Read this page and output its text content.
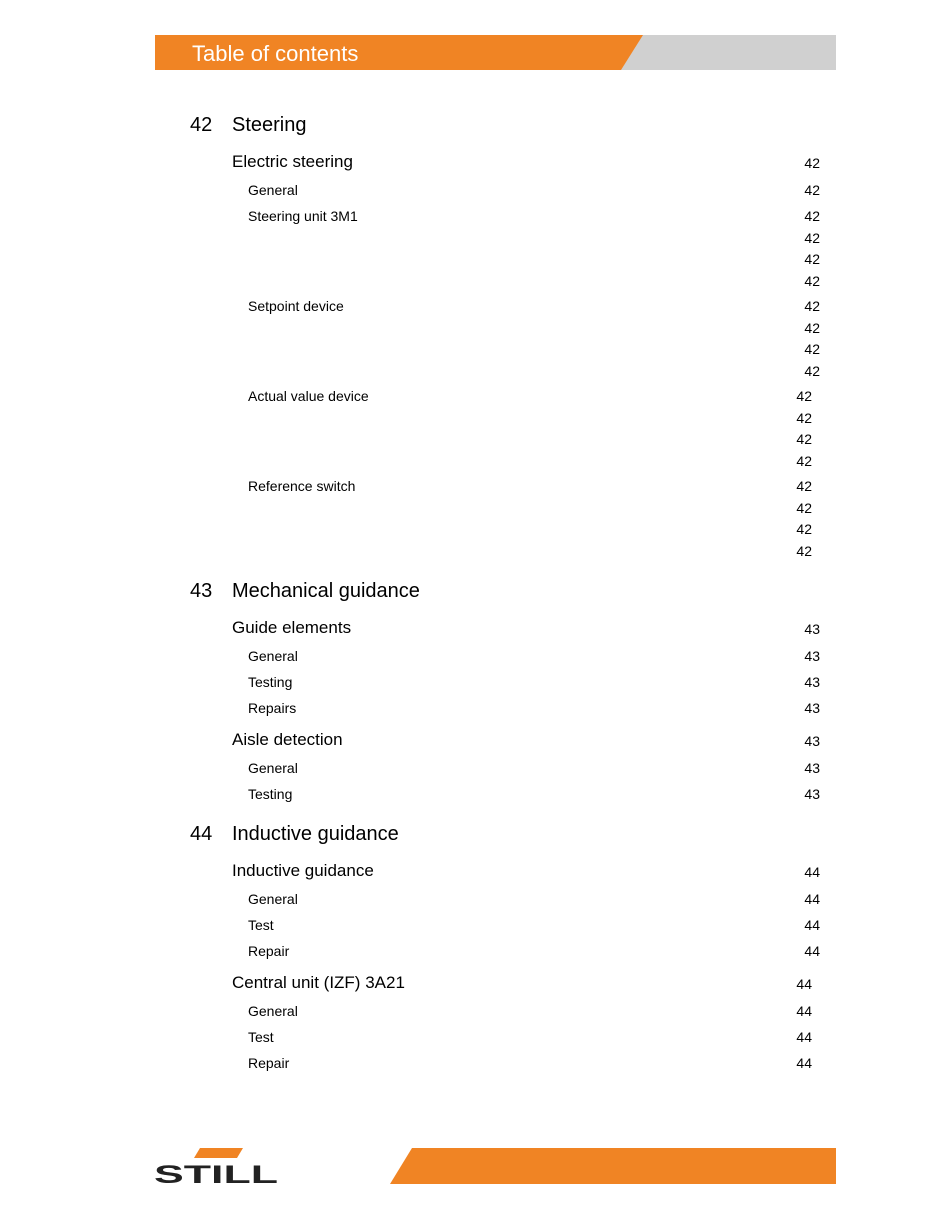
Table of contents
42 Steering
Electric steering	42
General	42
Steering unit 3M1	42
42
42
42
Setpoint device	42
42
42
42
Actual value device	42
42
42
42
Reference switch	42
42
42
42
43 Mechanical guidance
Guide elements	43
General	43
Testing	43
Repairs	43
Aisle detection	43
General	43
Testing	43
44 Inductive guidance
Inductive guidance	44
General	44
Test	44
Repair	44
Central unit (IZF) 3A21	44
General	44
Test	44
Repair	44
STILL
